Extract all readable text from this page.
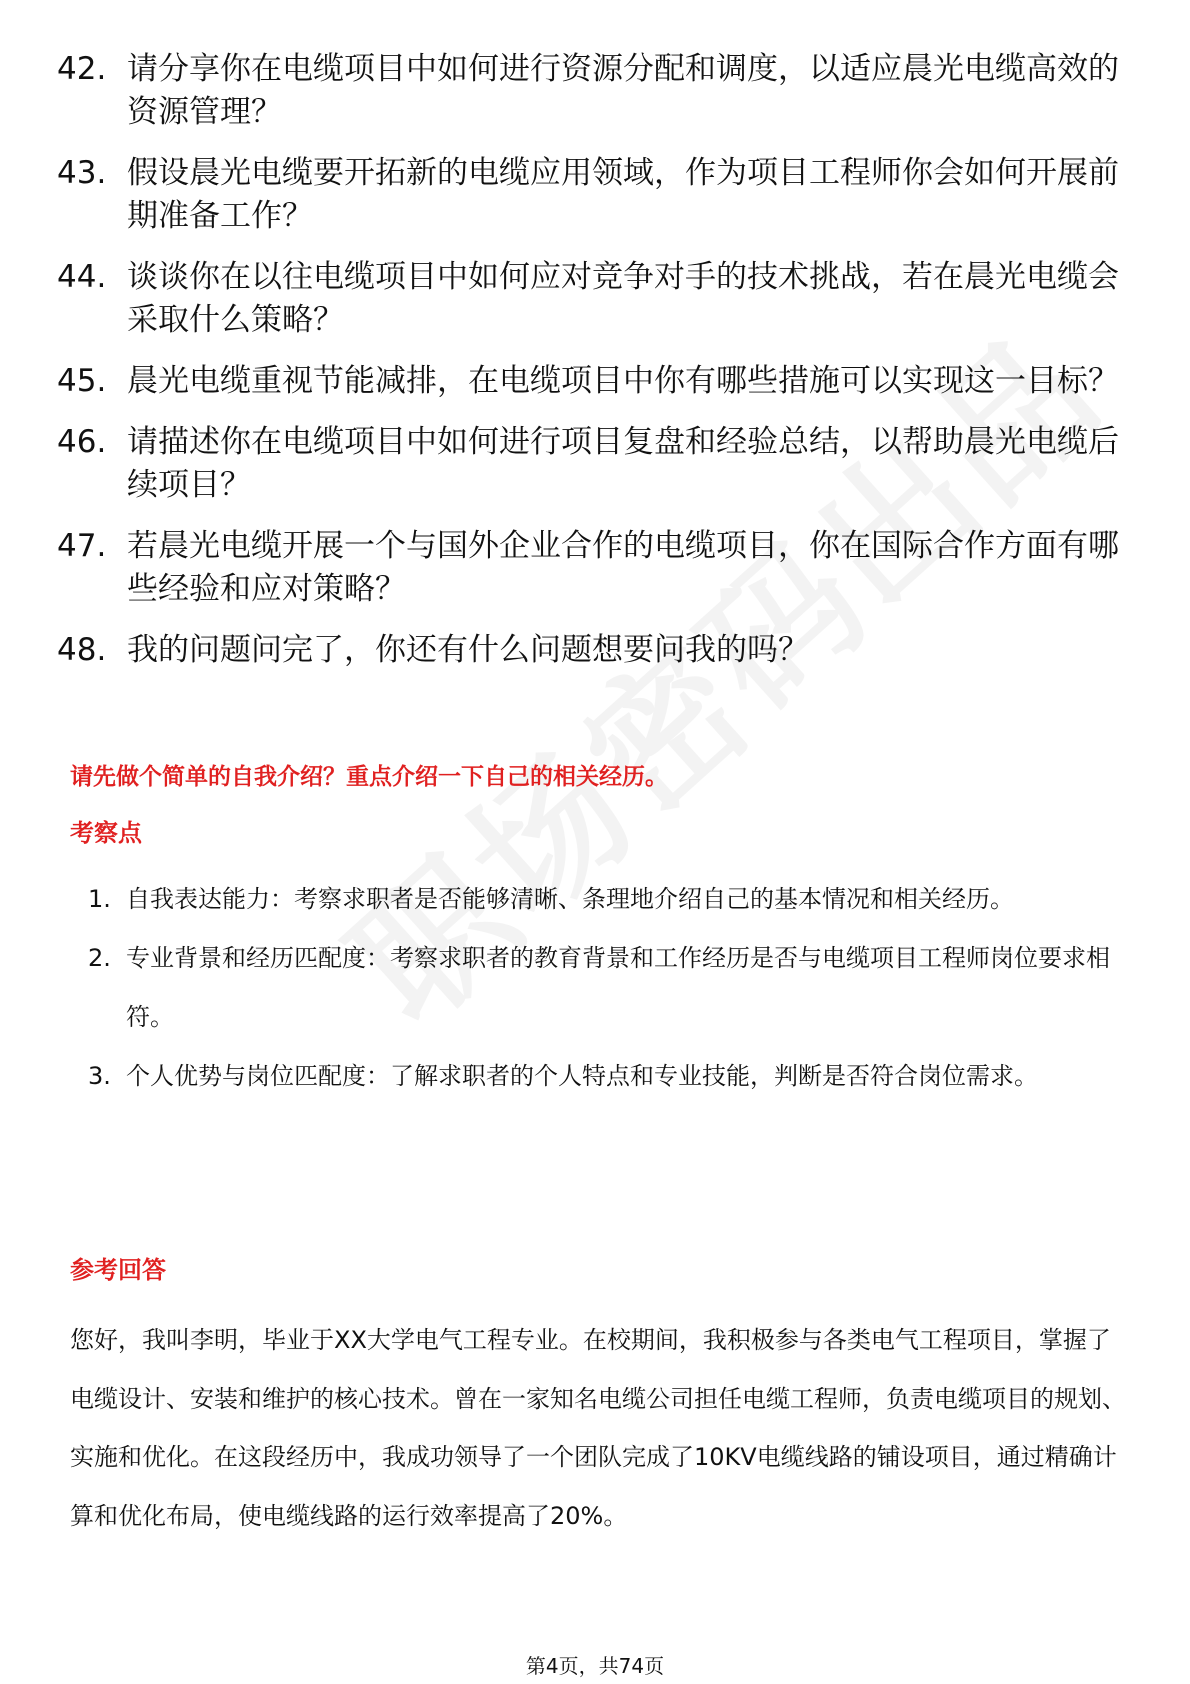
42. 请分享你在电缆项目中如何进行资源分配和调度，以适应晨光电缆高效的资源管理？
43. 假设晨光电缆要开拓新的电缆应用领域，作为项目工程师你会如何开展前期准备工作？
44. 谈谈你在以往电缆项目中如何应对竞争对手的技术挑战，若在晨光电缆会采取什么策略？
45. 晨光电缆重视节能减排，在电缆项目中你有哪些措施可以实现这一目标？
46. 请描述你在电缆项目中如何进行项目复盘和经验总结，以帮助晨光电缆后续项目？
47. 若晨光电缆开展一个与国外企业合作的电缆项目，你在国际合作方面有哪些经验和应对策略？
48. 我的问题问完了，你还有什么问题想要问我的吗？
请先做个简单的自我介绍？重点介绍一下自己的相关经历。
考察点
1. 自我表达能力：考察求职者是否能够清晰、条理地介绍自己的基本情况和相关经历。
2. 专业背景和经历匹配度：考察求职者的教育背景和工作经历是否与电缆项目工程师岗位要求相符。
3. 个人优势与岗位匹配度：了解求职者的个人特点和专业技能，判断是否符合岗位需求。
参考回答
您好，我叫李明，毕业于XX大学电气工程专业。在校期间，我积极参与各类电气工程项目，掌握了电缆设计、安装和维护的核心技术。曾在一家知名电缆公司担任电缆工程师，负责电缆项目的规划、实施和优化。在这段经历中，我成功领导了一个团队完成了10KV电缆线路的铺设项目，通过精确计算和优化布局，使电缆线路的运行效率提高了20%。
第4页，共74页
